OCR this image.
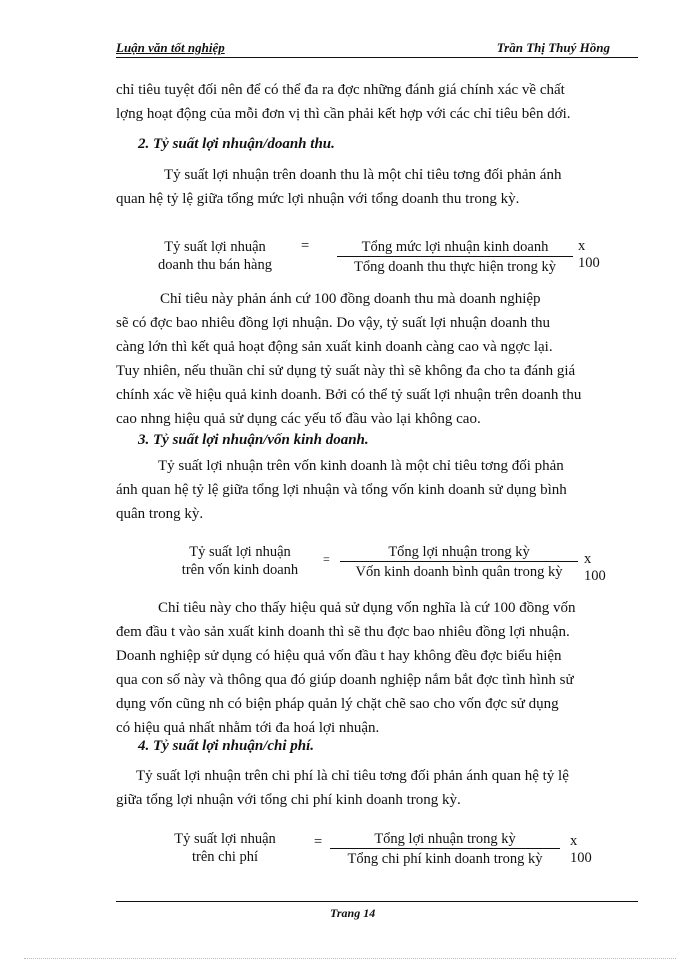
Luận văn tốt nghiệp	Trần Thị Thuý Hồng
chỉ tiêu tuyệt đối nên để có thể đa ra đợc những đánh giá chính xác về chất
lợng hoạt động của mỗi đơn vị thì cần phải kết hợp với các chỉ tiêu bên dới.
2. Tỷ suất lợi nhuận/doanh thu.
Tỷ suất lợi nhuận trên doanh thu là một chỉ tiêu tơng đối phản ánh
quan hệ tỷ lệ giữa tổng mức lợi nhuận với tổng doanh thu trong kỳ.
Tỷ suất lợi nhuận
doanh thu bán hàng
=	Tổng mức lợi nhuận kinh doanh
Tổng doanh thu thực hiện trong kỳ
x 100
Chỉ tiêu này phản ánh cứ 100 đồng doanh thu mà doanh nghiệp
sẽ có đợc bao nhiêu đồng lợi nhuận. Do vậy, tỷ suất lợi nhuận doanh thu
càng lớn thì kết quả hoạt động sản xuất kinh doanh càng cao và ngợc lại.
Tuy nhiên, nếu thuần chỉ sử dụng tỷ suất này thì sẽ không đa cho ta đánh giá
chính xác về hiệu quả kinh doanh. Bởi có thể tỷ suất lợi nhuận trên doanh thu
cao nhng hiệu quả sử dụng các yếu tố đầu vào lại không cao.
3. Tỷ suất lợi nhuận/vốn kinh doanh.
Tỷ suất lợi nhuận trên vốn kinh doanh là một chỉ tiêu tơng đối phản
ánh quan hệ tỷ lệ giữa tổng lợi nhuận và tổng vốn kinh doanh sử dụng bình
quân trong kỳ.
Tỷ suất lợi nhuận
trên vốn kinh doanh
=	Tổng lợi nhuận trong kỳ
Vốn kinh doanh bình quân trong kỳ
x 100
Chỉ tiêu này cho thấy hiệu quả sử dụng vốn nghĩa là cứ 100 đồng vốn
đem đầu t vào sản xuất kinh doanh thì sẽ thu đợc bao nhiêu đồng lợi nhuận.
Doanh nghiệp sử dụng có hiệu quả vốn đầu t hay không đều đợc biểu hiện
qua con số này và thông qua đó giúp doanh nghiệp nắm bắt đợc tình hình sử
dụng vốn cũng nh có biện pháp quản lý chặt chẽ sao cho vốn đợc sử dụng
có hiệu quả nhất nhằm tới đa hoá lợi nhuận.
4. Tỷ suất lợi nhuận/chi phí.
Tỷ suất lợi nhuận trên chi phí là chỉ tiêu tơng đối phản ánh quan hệ tỷ lệ
giữa tổng lợi nhuận với tổng chi phí kinh doanh trong kỳ.
Tỷ suất lợi nhuận
trên chi phí
=	Tổng lợi nhuận trong kỳ
Tổng chi phí kinh doanh trong kỳ
x 100
Trang 14
